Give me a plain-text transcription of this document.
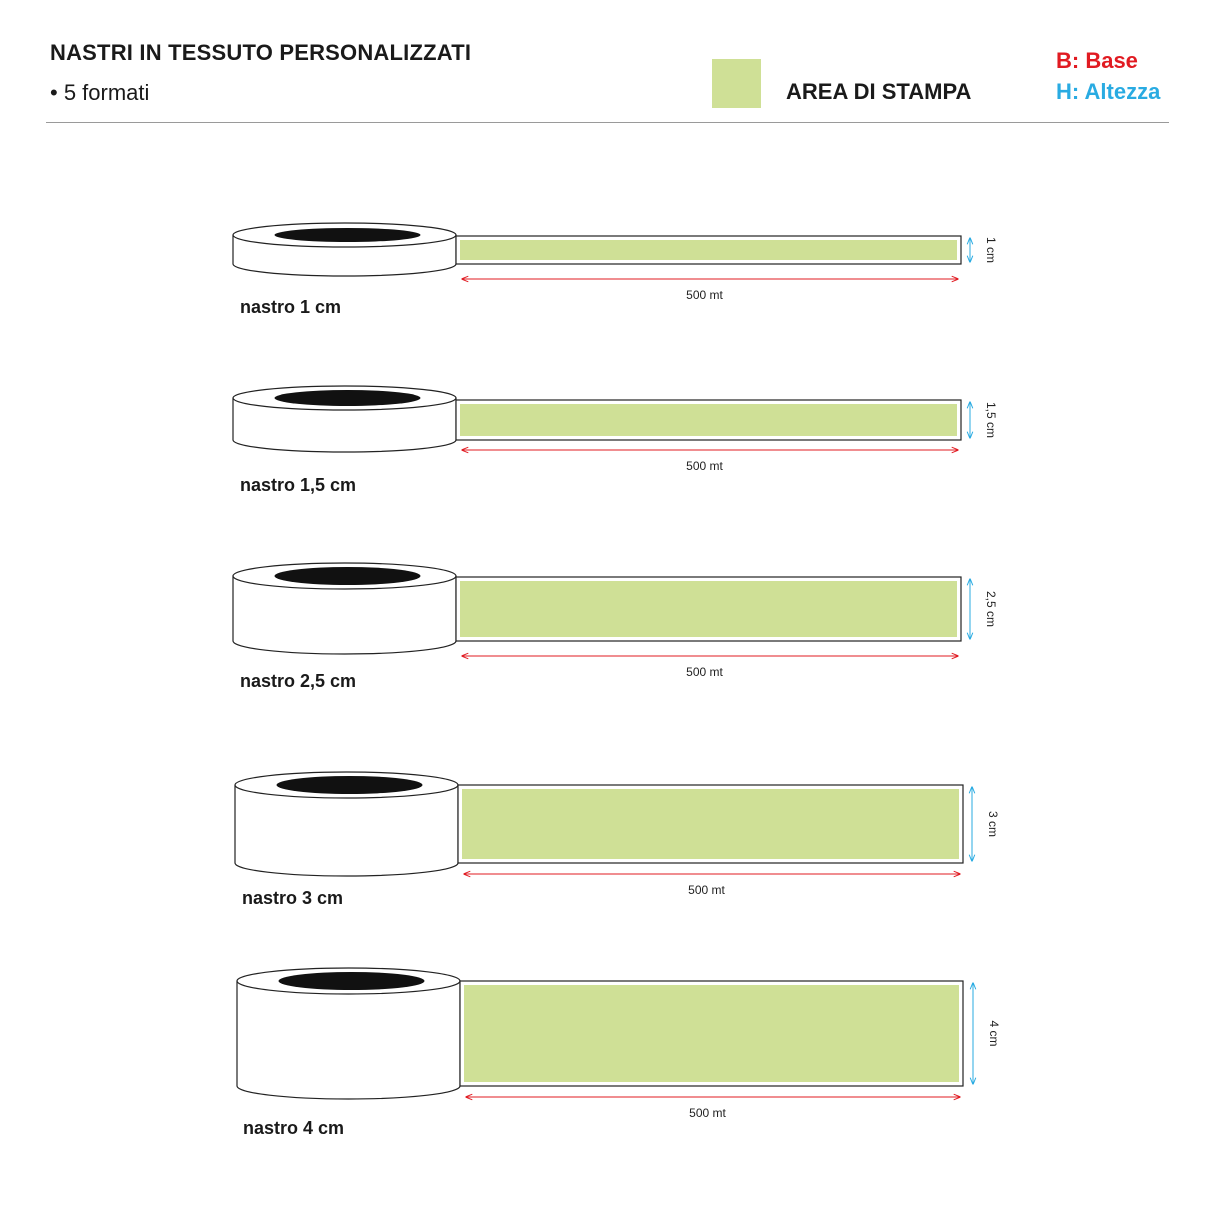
NASTRI IN TESSUTO PERSONALIZZATI
• 5 formati	AREA DI STAMPA
B: Base
H: Altezza
500 mt
1 cm
nastro 1 cm
500 mt
1,5 cm
nastro 1,5 cm
500 mt
2,5 cm
nastro 2,5 cm
500 mt
3 cm
nastro 3 cm
500 mt
4 cm
nastro 4 cm
